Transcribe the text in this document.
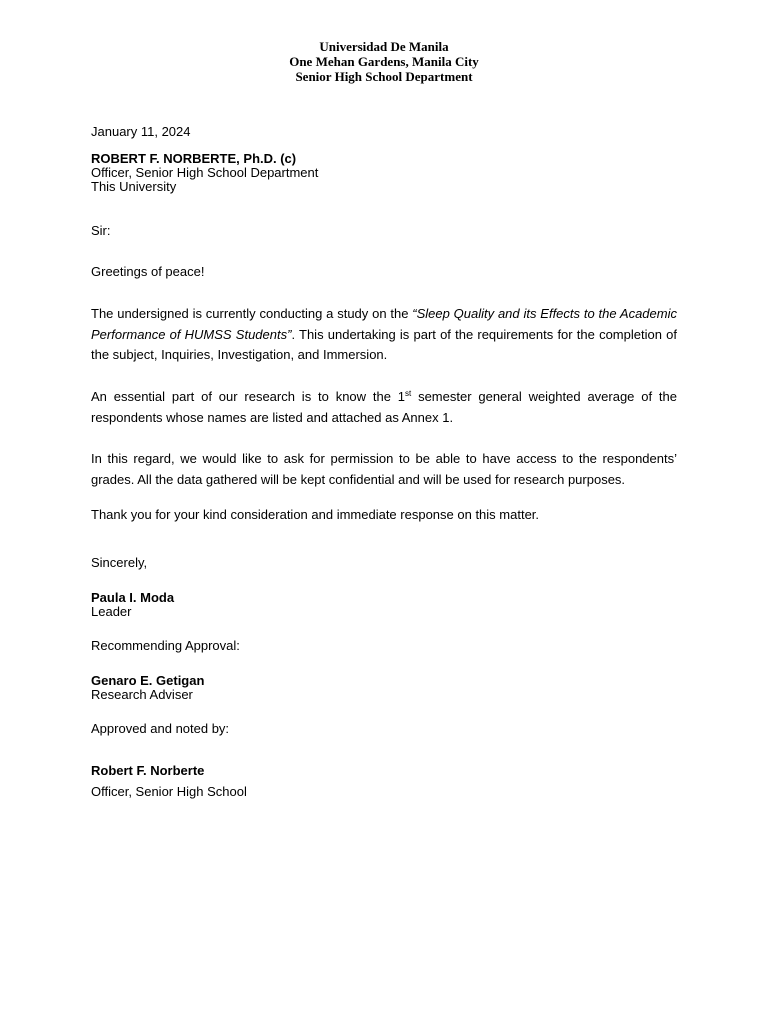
Universidad De Manila
One Mehan Gardens, Manila City
Senior High School Department
January 11, 2024
ROBERT F. NORBERTE, Ph.D. (c)
Officer, Senior High School Department
This University
Sir:
Greetings of peace!
The undersigned is currently conducting a study on the “Sleep Quality and its Effects to the Academic Performance of HUMSS Students”. This undertaking is part of the requirements for the completion of the subject, Inquiries, Investigation, and Immersion.
An essential part of our research is to know the 1st semester general weighted average of the respondents whose names are listed and attached as Annex 1.
In this regard, we would like to ask for permission to be able to have access to the respondents’ grades. All the data gathered will be kept confidential and will be used for research purposes.
Thank you for your kind consideration and immediate response on this matter.
Sincerely,
Paula I. Moda
Leader
Recommending Approval:
Genaro E. Getigan
Research Adviser
Approved and noted by:
Robert F. Norberte
Officer, Senior High School
